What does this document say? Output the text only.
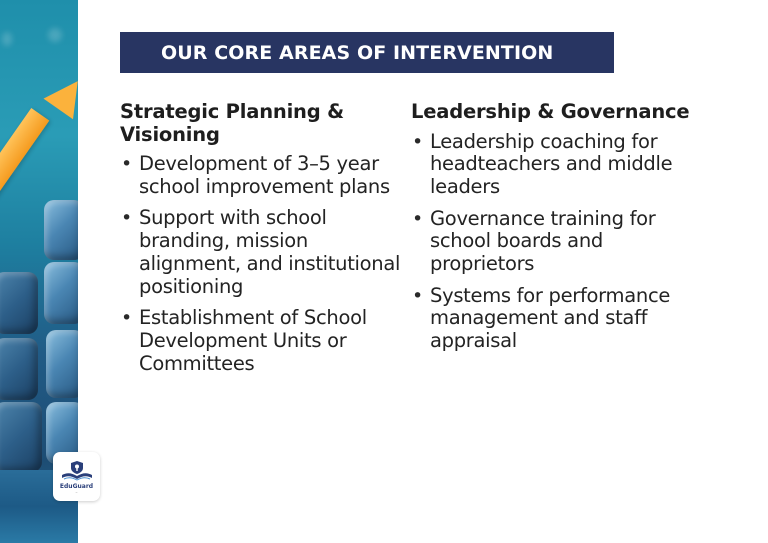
EduGuard
~
OUR CORE AREAS OF INTERVENTION
Strategic Planning & Visioning
• Development of 3–5 year school improvement plans
• Support with school branding, mission alignment, and institutional positioning
• Establishment of School Development Units or Committees
Leadership & Governance
• Leadership coaching for headteachers and middle leaders
• Governance training for school boards and proprietors
• Systems for performance management and staff appraisal
